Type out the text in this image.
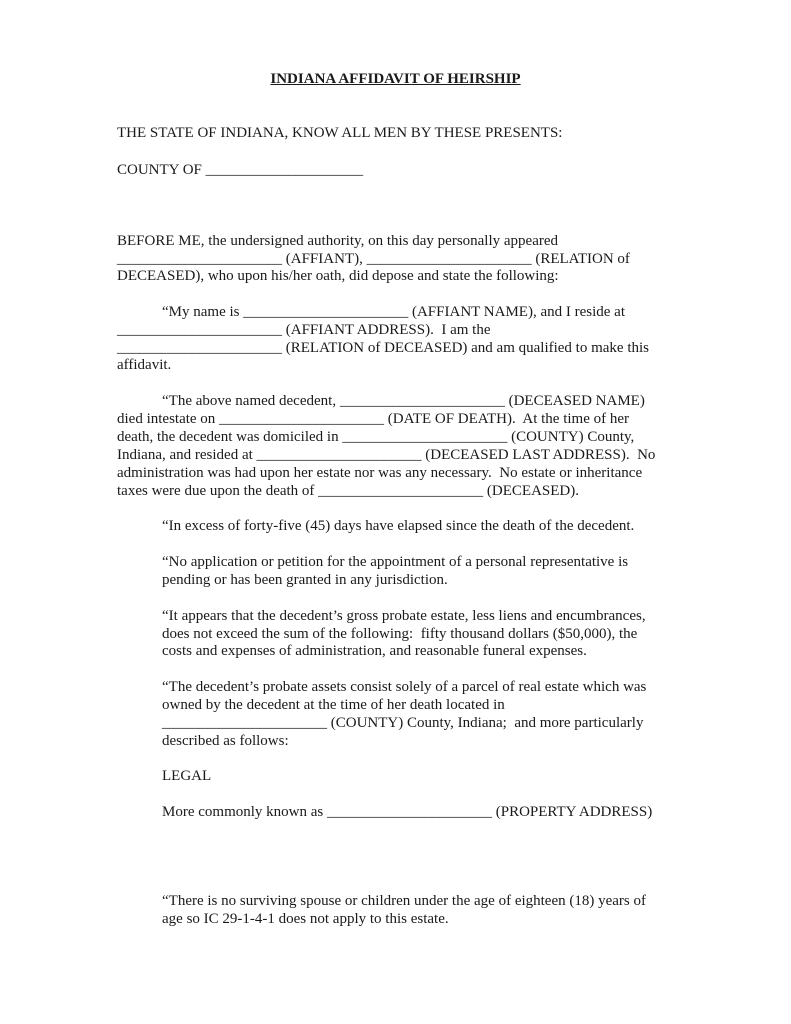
INDIANA AFFIDAVIT OF HEIRSHIP
THE STATE OF INDIANA, KNOW ALL MEN BY THESE PRESENTS:
COUNTY OF _____________________
BEFORE ME, the undersigned authority, on this day personally appeared
______________________ (AFFIANT), ______________________ (RELATION of
DECEASED), who upon his/her oath, did depose and state the following:
“My name is ______________________ (AFFIANT NAME), and I reside at
______________________ (AFFIANT ADDRESS).  I am the
______________________ (RELATION of DECEASED) and am qualified to make this
affidavit.
“The above named decedent, ______________________ (DECEASED NAME)
died intestate on ______________________ (DATE OF DEATH).  At the time of her
death, the decedent was domiciled in ______________________ (COUNTY) County,
Indiana, and resided at ______________________ (DECEASED LAST ADDRESS).  No
administration was had upon her estate nor was any necessary.  No estate or inheritance
taxes were due upon the death of ______________________ (DECEASED).
“In excess of forty-five (45) days have elapsed since the death of the decedent.
“No application or petition for the appointment of a personal representative is
pending or has been granted in any jurisdiction.
“It appears that the decedent’s gross probate estate, less liens and encumbrances,
does not exceed the sum of the following:  fifty thousand dollars ($50,000), the
costs and expenses of administration, and reasonable funeral expenses.
“The decedent’s probate assets consist solely of a parcel of real estate which was
owned by the decedent at the time of her death located in
______________________ (COUNTY) County, Indiana;  and more particularly
described as follows:
LEGAL
More commonly known as ______________________ (PROPERTY ADDRESS)
“There is no surviving spouse or children under the age of eighteen (18) years of
age so IC 29-1-4-1 does not apply to this estate.
